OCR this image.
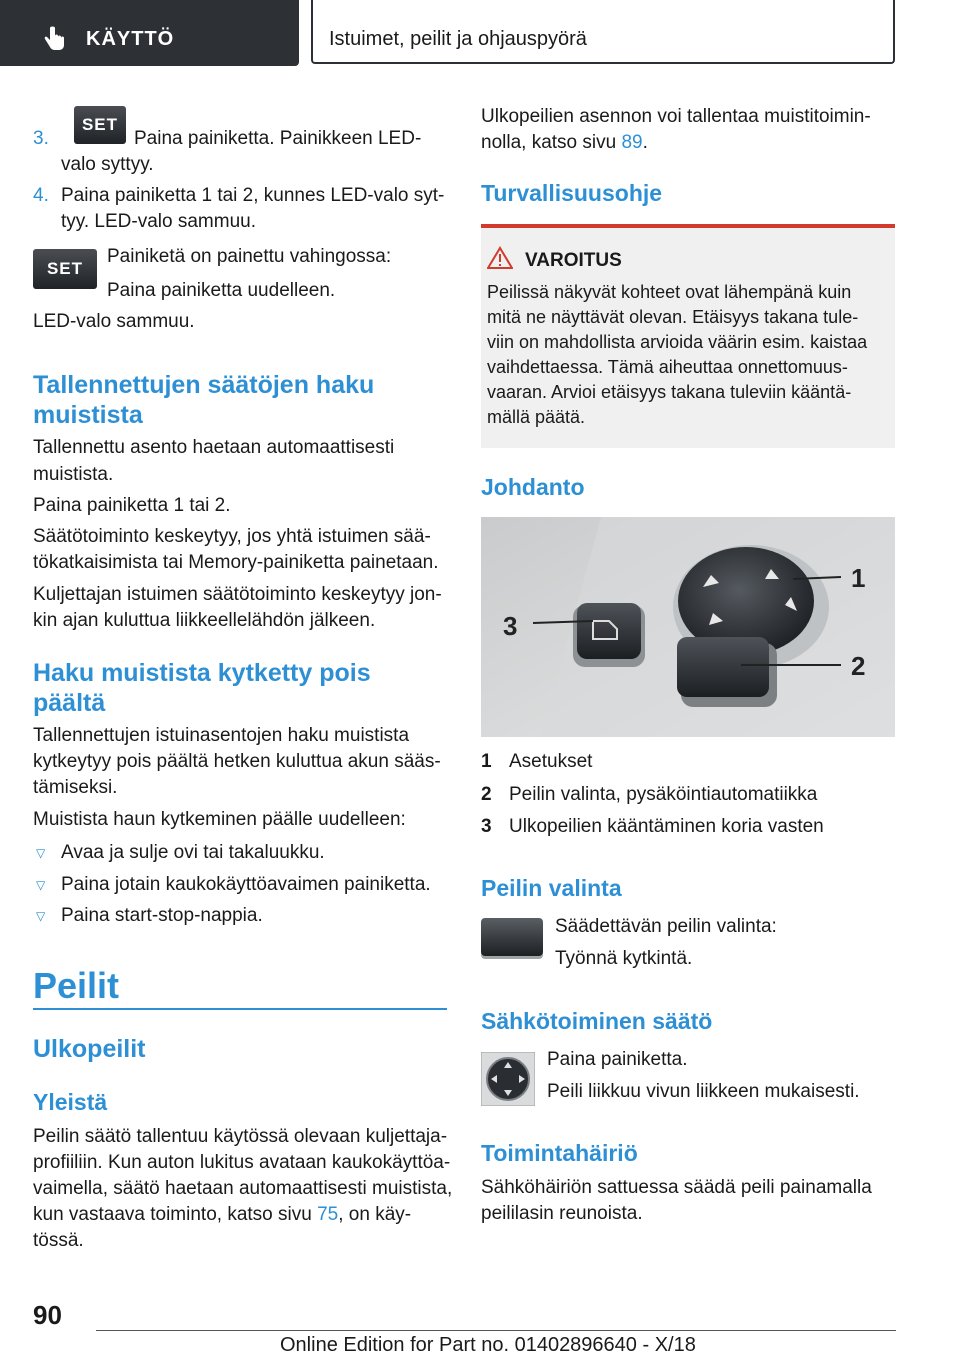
KÄYTTÖ	Istuimet, peilit ja ohjauspyörä
3.
SET
Paina painiketta. Painikkeen LED-
valo syttyy.
4. Paina painiketta 1 tai 2, kunnes LED-valo syt-
tyy. LED-valo sammuu.
SET
Painiketä on painettu vahingossa:
Paina painiketta uudelleen.
LED-valo sammuu.
Tallennettujen säätöjen haku
muistista
Tallennettu asento haetaan automaattisesti
muistista.
Paina painiketta 1 tai 2.
Säätötoiminto keskeytyy, jos yhtä istuimen sää-
tökatkaisimista tai Memory-painiketta painetaan.
Kuljettajan istuimen säätötoiminto keskeytyy jon-
kin ajan kuluttua liikkeellelähdön jälkeen.
Haku muistista kytketty pois
päältä
Tallennettujen istuinasentojen haku muistista
kytkeytyy pois päältä hetken kuluttua akun sääs-
tämiseksi.
Muistista haun kytkeminen päälle uudelleen:
▽ Avaa ja sulje ovi tai takaluukku.
▽ Paina jotain kaukokäyttöavaimen painiketta.
▽ Paina start-stop-nappia.
Peilit
Ulkopeilit
Yleistä
Peilin säätö tallentuu käytössä olevaan kuljettaja-
profiiliin. Kun auton lukitus avataan kaukokäyttöa-
vaimella, säätö haetaan automaattisesti muistista,
kun vastaava toiminto, katso sivu 75, on käy-
tössä.
Ulkopeilien asennon voi tallentaa muistitoimin-
nolla, katso sivu 89.
Turvallisuusohje
VAROITUS
Peilissä näkyvät kohteet ovat lähempänä kuin
mitä ne näyttävät olevan. Etäisyys takana tule-
viin on mahdollista arvioida väärin esim. kaistaa
vaihdettaessa. Tämä aiheuttaa onnettomuus-
vaaran. Arvioi etäisyys takana tuleviin kääntä-
mällä päätä.
Johdanto
1
3
2
1 Asetukset
2 Peilin valinta, pysäköintiautomatiikka
3 Ulkopeilien kääntäminen koria vasten
Peilin valinta
Säädettävän peilin valinta:
Työnnä kytkintä.
Sähkötoiminen säätö
Paina painiketta.
Peili liikkuu vivun liikkeen mukaisesti.
Toimintahäiriö
Sähköhäiriön sattuessa säädä peili painamalla
peililasin reunoista.
90
Online Edition for Part no. 01402896640 - X/18
